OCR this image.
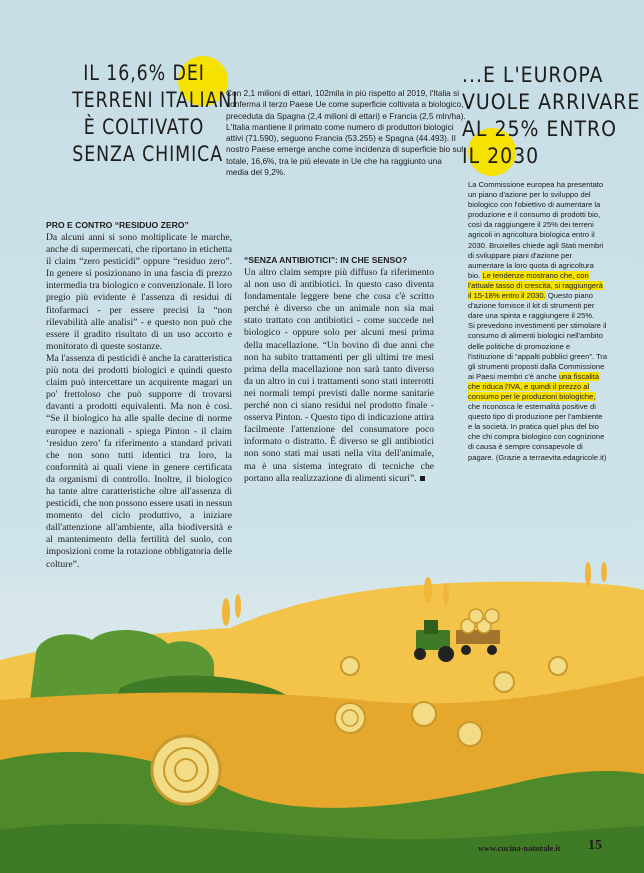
IL 16,6% DEI
TERRENI ITALIANI
È COLTIVATO
SENZA CHIMICA
...E L'EUROPA
VUOLE ARRIVARE
AL 25% ENTRO
IL 2030
Con 2,1 milioni di ettari, 102mila in più rispetto al 2019, l'Italia si conferma il terzo Paese Ue come superficie coltivata a biologico, preceduta da Spagna (2,4 milioni di ettari) e Francia (2,5 mln/ha). L'Italia mantiene il primato come numero di produttori biologici attivi (71.590), seguono Francia (53.255) e Spagna (44.493). Il nostro Paese emerge anche come incidenza di superficie bio sul totale, 16,6%, tra le più elevate in Ue che ha raggiunto una media del 9,2%.
PRO E CONTRO “RESIDUO ZERO”

Da alcuni anni si sono moltiplicate le marche, anche di supermercati, che riportano in etichetta il claim “zero pesticidi” oppure “residuo zero”. In genere si posizionano in una fascia di prezzo intermedia tra biologico e convenzionale. Il loro pregio più evidente è l'assenza di residui di fitofarmaci - per essere precisi la “non rilevabilità alle analisi” - e questo non può che essere il gradito risultato di un uso accorto e monitorato di queste sostanze.

Ma l'assenza di pesticidi è anche la caratteristica più nota dei prodotti biologici e quindi questo claim può intercettare un acquirente magari un po' frettoloso che può supporre di trovarsi davanti a prodotti equivalenti. Ma non è così. “Se il biologico ha alle spalle decine di norme europee e nazionali - spiega Pinton - il claim ‘residuo zero’ fa riferimento a standard privati che non sono tutti identici tra loro, la conformità ai quali viene in genere certificata da organismi di controllo. Inoltre, il biologico ha tante altre caratteristiche oltre all'assenza di pesticidi, che non possono essere usati in nessun momento del ciclo produttivo, a iniziare dall'attenzione all'ambiente, alla biodiversità e al mantenimento della fertilità del suolo, con imposizioni come la rotazione obbligatoria delle colture”.

“SENZA ANTIBIOTICI”: IN CHE SENSO?

Un altro claim sempre più diffuso fa riferimento al non uso di antibiotici. In questo caso diventa fondamentale leggere bene che cosa c'è scritto perché è diverso che un animale non sia mai stato trattato con antibiotici - come succede nel biologico - oppure solo per alcuni mesi prima della macellazione. “Un bovino di due anni che non ha subito trattamenti per gli ultimi tre mesi prima della macellazione non sarà tanto diverso da un altro in cui i trattamenti sono stati interrotti nei normali tempi previsti dalle norme sanitarie perché non ci siano residui nel prodotto finale - osserva Pinton. - Questo tipo di indicazione attira facilmente l'attenzione del consumatore poco informato o distratto. È diverso se gli antibiotici non sono stati mai usati nella vita dell'animale, ma è una sistema integrato di tecniche che portano alla realizzazione di alimenti sicuri”.

La Commissione europea ha presentato un piano d'azione per lo sviluppo del biologico con l'obiettivo di aumentare la produzione e il consumo di prodotti bio, così da raggiungere il 25% dei terreni agricoli in agricoltura biologica entro il 2030. Bruxelles chiede agli Stati membri di sviluppare piani d'azione per aumentare la loro quota di agricoltura bio. Le tendenze mostrano che, con l'attuale tasso di crescita, si raggiungerà il 15-18% entro il 2030. Questo piano d'azione fornisce il kit di strumenti per dare una spinta e raggiungere il 25%.

Si prevedono investimenti per stimolare il consumo di alimenti biologici nell'ambito delle politiche di promozione e l'istituzione di “appalti pubblici green”. Tra gli strumenti proposti dalla Commissione ai Paesi membri c'è anche una fiscalità che riduca l'IVA, e quindi il prezzo al consumo per le produzioni biologiche, che riconosca le esternalità positive di questo tipo di produzione per l'ambiente e la società. In pratica quel plus del bio che chi compra biologico con cognizione di causa è sempre consapevole di pagare. (Grazie a terraevita.edagricole.it)

www.cucina-naturale.it 15
